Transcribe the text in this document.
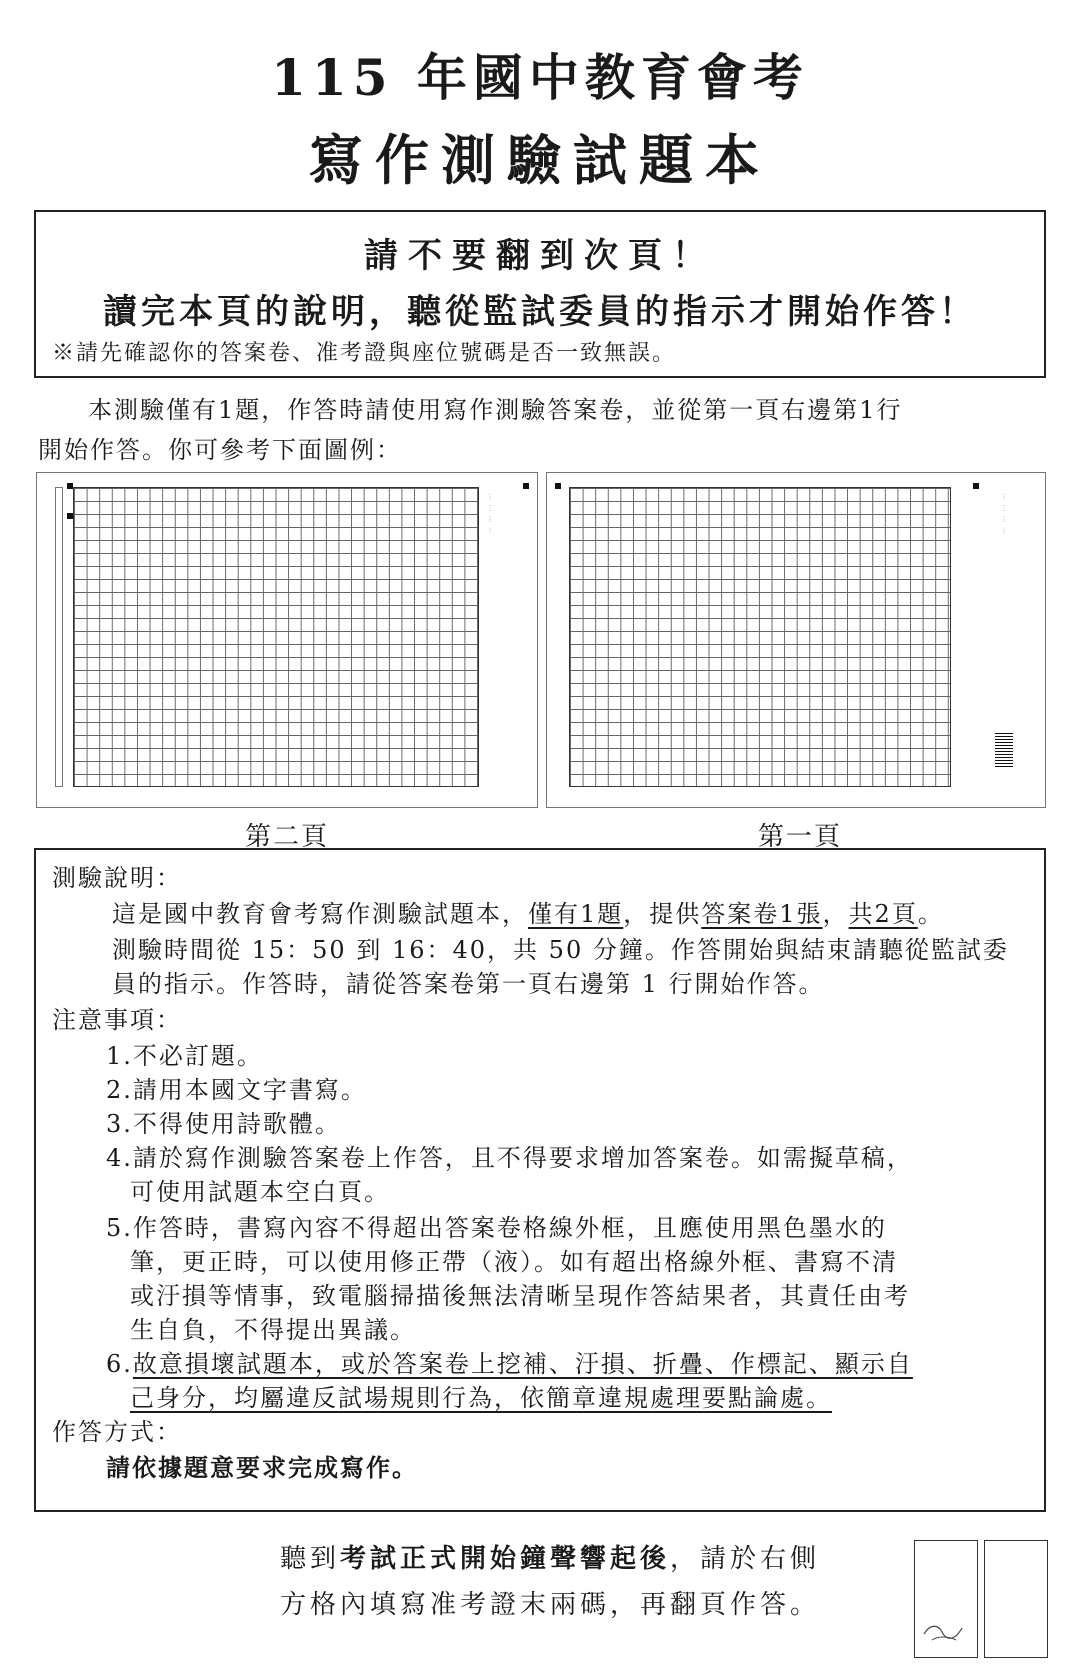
115 年國中教育會考
寫作測驗試題本
請不要翻到次頁！
讀完本頁的說明，聽從監試委員的指示才開始作答！
※請先確認你的答案卷、准考證與座位號碼是否一致無誤。
本測驗僅有1題，作答時請使用寫作測驗答案卷，並從第一頁右邊第1行
開始作答。你可參考下面圖例：
︙ ︙ ︙ ︙
第二頁
︙ ︙ ︙ ︙
第一頁
測驗說明：
這是國中教育會考寫作測驗試題本，僅有1題，提供答案卷1張，共2頁。
測驗時間從 15：50 到 16：40，共 50 分鐘。作答開始與結束請聽從監試委
員的指示。作答時，請從答案卷第一頁右邊第 1 行開始作答。
注意事項：
1.不必訂題。
2.請用本國文字書寫。
3.不得使用詩歌體。
4.請於寫作測驗答案卷上作答，且不得要求增加答案卷。如需擬草稿，
可使用試題本空白頁。
5.作答時，書寫內容不得超出答案卷格線外框，且應使用黑色墨水的
筆，更正時，可以使用修正帶（液）。如有超出格線外框、書寫不清
或汙損等情事，致電腦掃描後無法清晰呈現作答結果者，其責任由考
生自負，不得提出異議。
6.故意損壞試題本，或於答案卷上挖補、汙損、折疊、作標記、顯示自
己身分，均屬違反試場規則行為，依簡章違規處理要點論處。
作答方式：
請依據題意要求完成寫作。
聽到考試正式開始鐘聲響起後，請於右側
方格內填寫准考證末兩碼，再翻頁作答。
